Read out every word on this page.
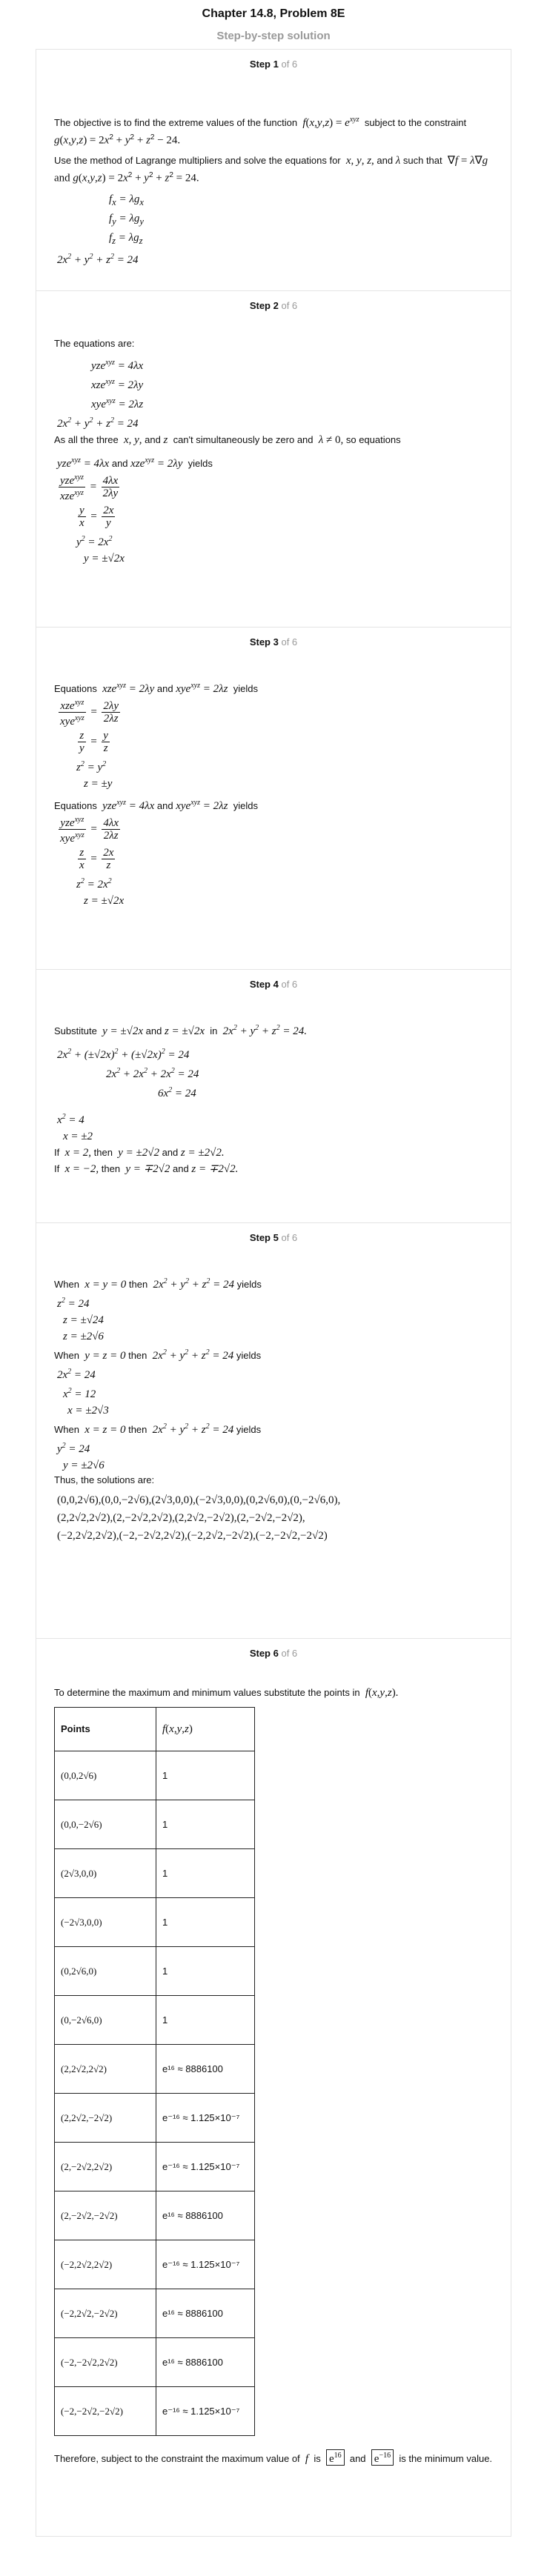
Chapter 14.8, Problem 8E
Step-by-step solution
Step 1 of 6
The objective is to find the extreme values of the function $f(x,y,z) = e^{xyz}$ subject to the constraint  $g(x,y,z) = 2x^2 + y^2 + z^2 - 24$.
Use the method of Lagrange multipliers and solve the equations for x, y, z, and λ such that ∇f = λ∇g and $g(x,y,z) = 2x^2 + y^2 + z^2 = 24$.
$f_x = \lambda g_x$
$f_y = \lambda g_y$
$f_z = \lambda g_z$
$2x^2 + y^2 + z^2 = 24$
Step 2 of 6
The equations are:
yze$^{xyz}$ = 4λx
xze$^{xyz}$ = 2λy
xye$^{xyz}$ = 2λz
$2x^2 + y^2 + z^2 = 24$
As all the three x, y, and z can't simultaneously be zero and λ ≠ 0, so equations
yze$^{xyz}$ = 4λx and xze$^{xyz}$ = 2λy yields
$\frac{yze^{xyz}}{xze^{xyz}} = \frac{4\lambda x}{2\lambda y}$
$\frac{y}{x} = \frac{2x}{y}$
$y^2 = 2x^2$
y = ±√2x
Step 3 of 6
Equations xze$^{xyz}$ = 2λy and xye$^{xyz}$ = 2λz yields
$\frac{xze^{xyz}}{xye^{xyz}} = \frac{2\lambda y}{2\lambda z}$
$\frac{z}{y} = \frac{y}{z}$
$z^2 = y^2$
z = ±y
Equations yze$^{xyz}$ = 4λx and xye$^{xyz}$ = 2λz yields
$\frac{yze^{xyz}}{xye^{xyz}} = \frac{4\lambda x}{2\lambda z}$
$\frac{z}{x} = \frac{2x}{z}$
$z^2 = 2x^2$
z = ±√2x
Step 4 of 6
Substitute y = ±√2x and z = ±√2x in $2x^2 + y^2 + z^2 = 24$.
$2x^2 + (\pm√2x)^2 + (\pm√2x)^2 = 24$
$2x^2 + 2x^2 + 2x^2 = 24$
$6x^2 = 24$
$x^2 = 4$
x = ±2
If x = 2, then y = ±2√2 and z = ±2√2.
If x = −2, then y = ∓2√2 and z = ∓2√2.
Step 5 of 6
When x = y = 0 then $2x^2 + y^2 + z^2 = 24$ yields
$z^2 = 24$
z = ±√24
z = ±2√6
When y = z = 0 then $2x^2 + y^2 + z^2 = 24$ yields
$2x^2 = 24$
$x^2 = 12$
x = ±2√3
When x = z = 0 then $2x^2 + y^2 + z^2 = 24$ yields
$y^2 = 24$
y = ±2√6
Thus, the solutions are:
(0,0,2√6),(0,0,−2√6),(2√3,0,0),(−2√3,0,0),(0,2√6,0),(0,−2√6,0),
(2,2√2,2√2),(2,−2√2,2√2),(2,2√2,−2√2),(2,−2√2,−2√2),
(−2,2√2,2√2),(−2,−2√2,2√2),(−2,2√2,−2√2),(−2,−2√2,−2√2)
Step 6 of 6
To determine the maximum and minimum values substitute the points in f(x,y,z).
Points	f(x,y,z)
(0,0,2√6)	1
(0,0,−2√6)	1
(2√3,0,0)	1
(−2√3,0,0)	1
(0,2√6,0)	1
(0,−2√6,0)	1
(2,2√2,2√2)	e¹⁶ ≈ 8886100
(2,2√2,−2√2)	e⁻¹⁶ ≈ 1.125×10⁻⁷
(2,−2√2,2√2)	e⁻¹⁶ ≈ 1.125×10⁻⁷
(2,−2√2,−2√2)	e¹⁶ ≈ 8886100
(−2,2√2,2√2)	e⁻¹⁶ ≈ 1.125×10⁻⁷
(−2,2√2,−2√2)	e¹⁶ ≈ 8886100
(−2,−2√2,2√2)	e¹⁶ ≈ 8886100
(−2,−2√2,−2√2)	e⁻¹⁶ ≈ 1.125×10⁻⁷
Therefore, subject to the constraint the maximum value of f is $e^{16}$ and $e^{-16}$ is the minimum value.
